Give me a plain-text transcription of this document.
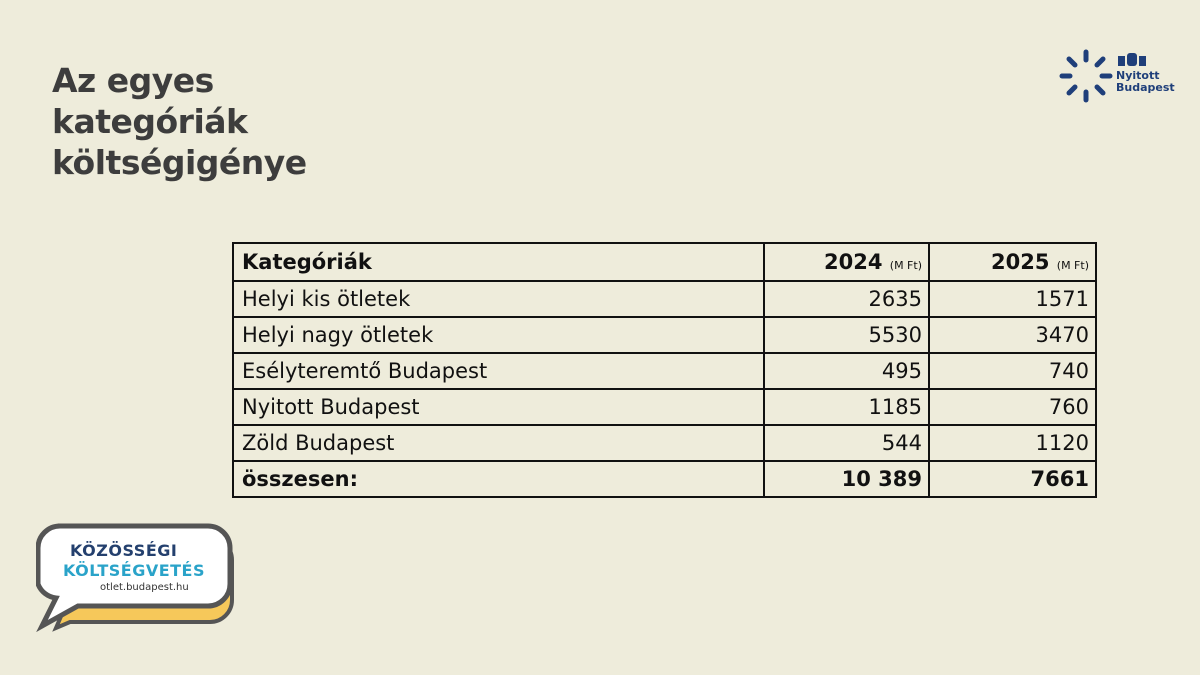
Az egyes
kategóriák
költségigénye
Nyitott
Budapest
Kategóriák	2024 (M Ft)	2025 (M Ft)
Helyi kis ötletek	2635	1571
Helyi nagy ötletek	5530	3470
Esélyteremtő Budapest	495	740
Nyitott Budapest	1185	760
Zöld Budapest	544	1120
összesen:	10 389	7661
KÖZÖSSÉGI
KÖLTSÉGVETÉS
otlet.budapest.hu
